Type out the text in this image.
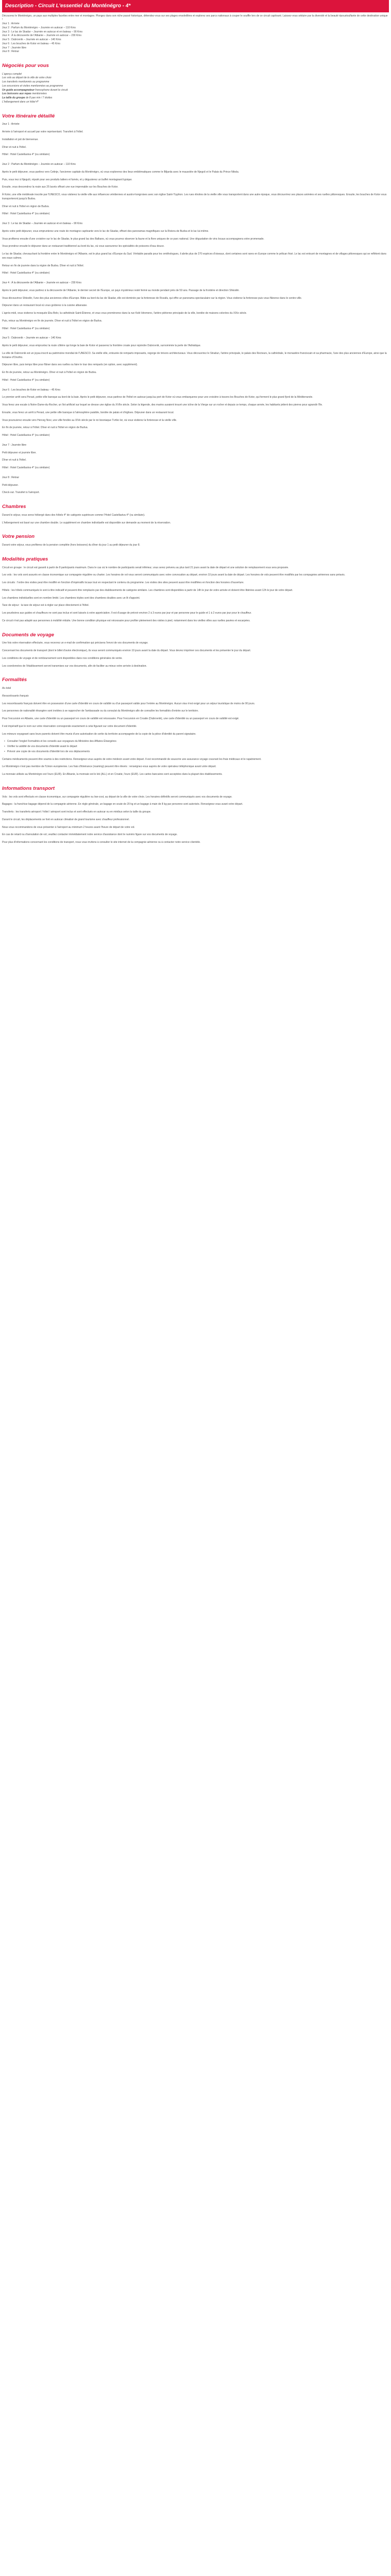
Description - Circuit L'essentiel du Monténégro - 4*

Découvrez le Monténégro, un pays aux multiples facettes entre mer et montagne. Plongez dans son riche passé historique, détendez-vous sur ses plages ensoleillées et explorez ses parcs nationaux à couper le souffle lors de ce circuit captivant. Laissez-vous séduire par la diversité et la beauté époustouflante de cette destination unique !

Jour 1 : Arrivée

Jour 2 : Parfum du Monténégro – Journée en autocar – 110 Kms

Jour 3 : Le lac de Skadar – Journée en autocar et en bateau – 90 Kms

Jour 4 : À la découverte de l'Albanie – Journée en autocar – 230 Kms

Jour 5 : Dubrovnik – Journée en autocar – 140 Kms

Jour 6 : Les bouches de Kotor en bateau – 45 Kms

Jour 7 : Journée libre

Jour 8 : Retour

Négociés pour vous

L'aperçu complet

Les vols au départ de la ville de votre choix

Les transferts mentionnés au programme

Les excursions et visites mentionnées au programme

Un guide accompagnateur francophone durant le circuit

Les boissons aux repas mentionnées

La taille du groupe de 8 pax min / 7 étoiles

L'hébergement dans un hôtel 4*

Votre itinéraire détaillé

Jour 1 : Arrivée

Arrivée à l'aéroport et accueil par votre représentant. Transfert à l'hôtel.

Installation et pot de bienvenue.

Dîner et nuit à l'hôtel.

Hôtel : Hotel Castellastva 4* (ou similaire)

Jour 2 : Parfum du Monténégro – Journée en autocar – 110 Kms

Après le petit déjeuner, vous partirez vers Cetinje, l'ancienne capitale du Monténégro, où vous explorerez des lieux emblématiques comme le Biljarda avec le mausolée de Njegoš et le Palais du Prince Nikola.

Puis, vous irez à Njeguši, réputé pour ses produits laitiers et fumés, et y dégusterez un buffet montagnard typique.

Ensuite, vous descendrez la route aux 25 lacets offrant une vue imprenable sur les Bouches de Kotor.

À Kotor, une ville médiévale inscrite par l'UNESCO, vous visiterez la vieille ville aux influences vénitiennes et austro-hongroises avec son église Saint-Tryphon. Les rues étroites de la vieille ville vous transportent dans une autre époque, vous découvrirez ses places animées et ses ruelles pittoresques. Ensuite, les bouches de Kotor vous transporteront jusqu'à Budva.

Dîner et nuit à l'hôtel en région de Budva.

Hôtel : Hotel Castellastva 4* (ou similaire)

Jour 3 : Le lac de Skadar – Journée en autocar et en bateau – 90 Kms

Après votre petit déjeuner, vous emprunterez une route de montagne captivante vers le lac de Skadar, offrant des panoramas magnifiques sur la Riviera de Budva et le lac lui-même.

Vous profiterez ensuite d'une croisière sur le lac de Skadar, le plus grand lac des Balkans, où vous pourrez observer la faune et la flore uniques de ce parc national. Une dégustation de vins locaux accompagnera votre promenade.

Vous prendrez ensuite le déjeuner dans un restaurant traditionnel au bord du lac, où vous savourerez les spécialités de poissons d'eau douce.

Le lac de Skadar, chevauchant la frontière entre le Monténégro et l'Albanie, est le plus grand lac d'Europe du Sud. Véritable paradis pour les ornithologues, il abrite plus de 270 espèces d'oiseaux, dont certaines sont rares en Europe comme le pélican frisé. Le lac est entouré de montagnes et de villages pittoresques qui se reflètent dans ses eaux calmes.

Retour en fin de journée dans la région de Budva. Dîner et nuit à l'hôtel.

Hôtel : Hotel Castellastva 4* (ou similaire)

Jour 4 : À la découverte de l'Albanie – Journée en autocar – 230 Kms

Après le petit déjeuner, vous partirez à la découverte de l'Albanie, le dernier secret de l'Europe, un pays mystérieux resté fermé au monde pendant près de 50 ans. Passage de la frontière et direction Shkodër.

Vous découvrirez Shkodër, l'une des plus anciennes villes d'Europe. Bâtie au bord du lac de Skadar, elle est dominée par la forteresse de Rozafa, qui offre un panorama spectaculaire sur la région. Vous visiterez la forteresse puis vous flânerez dans le centre-ville.

Déjeuner dans un restaurant local où vous goûterez à la cuisine albanaise.

L'après-midi, vous visiterez la mosquée Ebu Bekr, la cathédrale Saint-Étienne, et vous vous promènerez dans la rue Kolë Idromeno, l'artère piétonne principale de la ville, bordée de maisons colorées du XIXe siècle.

Puis, retour au Monténégro en fin de journée. Dîner et nuit à l'hôtel en région de Budva.

Hôtel : Hotel Castellastva 4* (ou similaire)

Jour 5 : Dubrovnik – Journée en autocar – 140 Kms

Après le petit déjeuner, vous empruntez la route côtière qui longe la baie de Kotor et passerez la frontière croate pour rejoindre Dubrovnik, surnommée la perle de l'Adriatique.

La ville de Dubrovnik est un joyau inscrit au patrimoine mondial de l'UNESCO. Sa vieille ville, entourée de remparts imposants, regorge de trésors architecturaux. Vous découvrirez le Stradun, l'artère principale, le palais des Recteurs, la cathédrale, le monastère franciscain et sa pharmacie, l'une des plus anciennes d'Europe, ainsi que la fontaine d'Onofrio.

Déjeuner libre, puis temps libre pour flâner dans ses ruelles ou faire le tour des remparts (en option, avec supplément).

En fin de journée, retour au Monténégro. Dîner et nuit à l'hôtel en région de Budva.

Hôtel : Hotel Castellastva 4* (ou similaire)

Jour 6 : Les bouches de Kotor en bateau – 45 Kms

Le premier arrêt sera Perast, petite ville baroque au bord de la baie. Après le petit déjeuner, vous partirez de l'hôtel en autocar jusqu'au port de Kotor où vous embarquerez pour une croisière à travers les Bouches de Kotor, qui forment le plus grand fjord de la Méditerranée.

Vous ferez une escale à Notre-Dame-du-Rocher, un îlot artificiel sur lequel se dresse une église du XVIIe siècle. Selon la légende, des marins auraient trouvé une icône de la Vierge sur un rocher et depuis ce temps, chaque année, les habitants jettent des pierres pour agrandir l'île.

Ensuite, vous ferez un arrêt à Perast, une petite ville baroque à l'atmosphère paisible, bordée de palais et d'églises. Déjeuner dans un restaurant local.

Vous poursuivrez ensuite vers Herceg Novi, une ville fondée au XIVe siècle par le roi bosniaque Tvrtko Ier, où vous visiterez la forteresse et la vieille ville.

En fin de journée, retour à l'hôtel. Dîner et nuit à l'hôtel en région de Budva.

Hôtel : Hotel Castellastva 4* (ou similaire)

Jour 7 : Journée libre

Petit déjeuner et journée libre.

Dîner et nuit à l'hôtel.

Hôtel : Hotel Castellastva 4* (ou similaire)

Jour 8 : Retour

Petit déjeuner.

Check-out. Transfert à l'aéroport.

Chambres

Durant le séjour, vous serez hébergé dans des hôtels 4* de catégorie supérieure comme l'Hotel Castellastva 4* (ou similaire).

L'hébergement est basé sur une chambre double. Le supplément en chambre individuelle est disponible sur demande au moment de la réservation.

Votre pension

Durant votre séjour, vous profiterez de la pension complète (hors boissons) du dîner du jour 1 au petit déjeuner du jour 8.

Modalités pratiques

Circuit en groupe : le circuit est garanti à partir de 8 participants maximum. Dans le cas où le nombre de participants serait inférieur, vous serez prévenu au plus tard 21 jours avant la date de départ et une solution de remplacement vous sera proposée.

Les vols : les vols sont assurés en classe économique sur compagnie régulière ou charter. Les horaires de vol vous seront communiqués avec votre convocation au départ, environ 10 jours avant la date de départ. Les horaires de vols peuvent être modifiés par les compagnies aériennes sans préavis.

Les circuits : l'ordre des visites peut être modifié en fonction d'impératifs locaux tout en respectant le contenu du programme. Les visites des sites peuvent aussi être modifiées en fonction des horaires d'ouverture.

Hôtels : les hôtels communiqués le sont à titre indicatif et peuvent être remplacés par des établissements de catégorie similaire. Les chambres sont disponibles à partir de 14h le jour de votre arrivée et doivent être libérées avant 12h le jour de votre départ.

Les chambres individuelles sont en nombre limité. Les chambres triples sont des chambres doubles avec un lit d'appoint.

Taxe de séjour : la taxe de séjour est à régler sur place directement à l'hôtel.

Les pourboires aux guides et chauffeurs ne sont pas inclus et sont laissés à votre appréciation. Il est d'usage de prévoir environ 2 à 3 euros par jour et par personne pour le guide et 1 à 2 euros par jour pour le chauffeur.

Ce circuit n'est pas adapté aux personnes à mobilité réduite. Une bonne condition physique est nécessaire pour profiter pleinement des visites à pied, notamment dans les vieilles villes aux ruelles pavées et escarpées.

Documents de voyage

Une fois votre réservation effectuée, vous recevrez un e-mail de confirmation qui précisera l'envoi de vos documents de voyage.

Concernant les documents de transport (dont le billet d'avion électronique), ils vous seront communiqués environ 10 jours avant la date du départ. Vous devrez imprimer ces documents et les présenter le jour du départ.

Les conditions de voyage et de remboursement sont disponibles dans nos conditions générales de vente.

Les coordonnées de l'établissement seront transmises sur vos documents, afin de faciliter au mieux votre arrivée à destination.

Formalités

Au total

Ressortissants français

Les ressortissants français doivent être en possession d'une carte d'identité en cours de validité ou d'un passeport valide pour l'entrée au Monténégro. Aucun visa n'est exigé pour un séjour touristique de moins de 90 jours.

Les personnes de nationalité étrangère sont invitées à se rapprocher de l'ambassade ou du consulat du Monténégro afin de connaître les formalités d'entrée sur le territoire.

Pour l'excursion en Albanie, une carte d'identité ou un passeport en cours de validité est nécessaire. Pour l'excursion en Croatie (Dubrovnik), une carte d'identité ou un passeport en cours de validité est exigé.

Il est impératif que le nom sur votre réservation corresponde exactement à celui figurant sur votre document d'identité.

Les mineurs voyageant sans leurs parents doivent être munis d'une autorisation de sortie du territoire accompagnée de la copie de la pièce d'identité du parent signataire.

• Consulter l'onglet Formalités et les conseils aux voyageurs du Ministère des Affaires Étrangères
• Vérifier la validité de vos documents d'identité avant le départ
• Prévoir une copie de vos documents d'identité lors de vos déplacements

Certains médicaments peuvent être soumis à des restrictions. Renseignez-vous auprès de votre médecin avant votre départ. Il est recommandé de souscrire une assurance voyage couvrant les frais médicaux et le rapatriement.

Le Monténégro n'est pas membre de l'Union européenne. Les frais d'itinérance (roaming) peuvent être élevés : renseignez-vous auprès de votre opérateur téléphonique avant votre départ.

La monnaie utilisée au Monténégro est l'euro (EUR). En Albanie, la monnaie est le lek (ALL) et en Croatie, l'euro (EUR). Les cartes bancaires sont acceptées dans la plupart des établissements.

Informations transport

Vols : les vols sont effectués en classe économique, sur compagnie régulière ou low-cost, au départ de la ville de votre choix. Les horaires définitifs seront communiqués avec vos documents de voyage.

Bagages : la franchise bagage dépend de la compagnie aérienne. En règle générale, un bagage en soute de 20 kg et un bagage à main de 8 kg par personne sont autorisés. Renseignez-vous avant votre départ.

Transferts : les transferts aéroport / hôtel / aéroport sont inclus et sont effectués en autocar ou en minibus selon la taille du groupe.

Durant le circuit, les déplacements se font en autocar climatisé de grand tourisme avec chauffeur professionnel.

Nous vous recommandons de vous présenter à l'aéroport au minimum 2 heures avant l'heure de départ de votre vol.

En cas de retard ou d'annulation de vol, veuillez contacter immédiatement notre service d'assistance dont le numéro figure sur vos documents de voyage.

Pour plus d'informations concernant les conditions de transport, nous vous invitons à consulter le site internet de la compagnie aérienne ou à contacter notre service clientèle.
